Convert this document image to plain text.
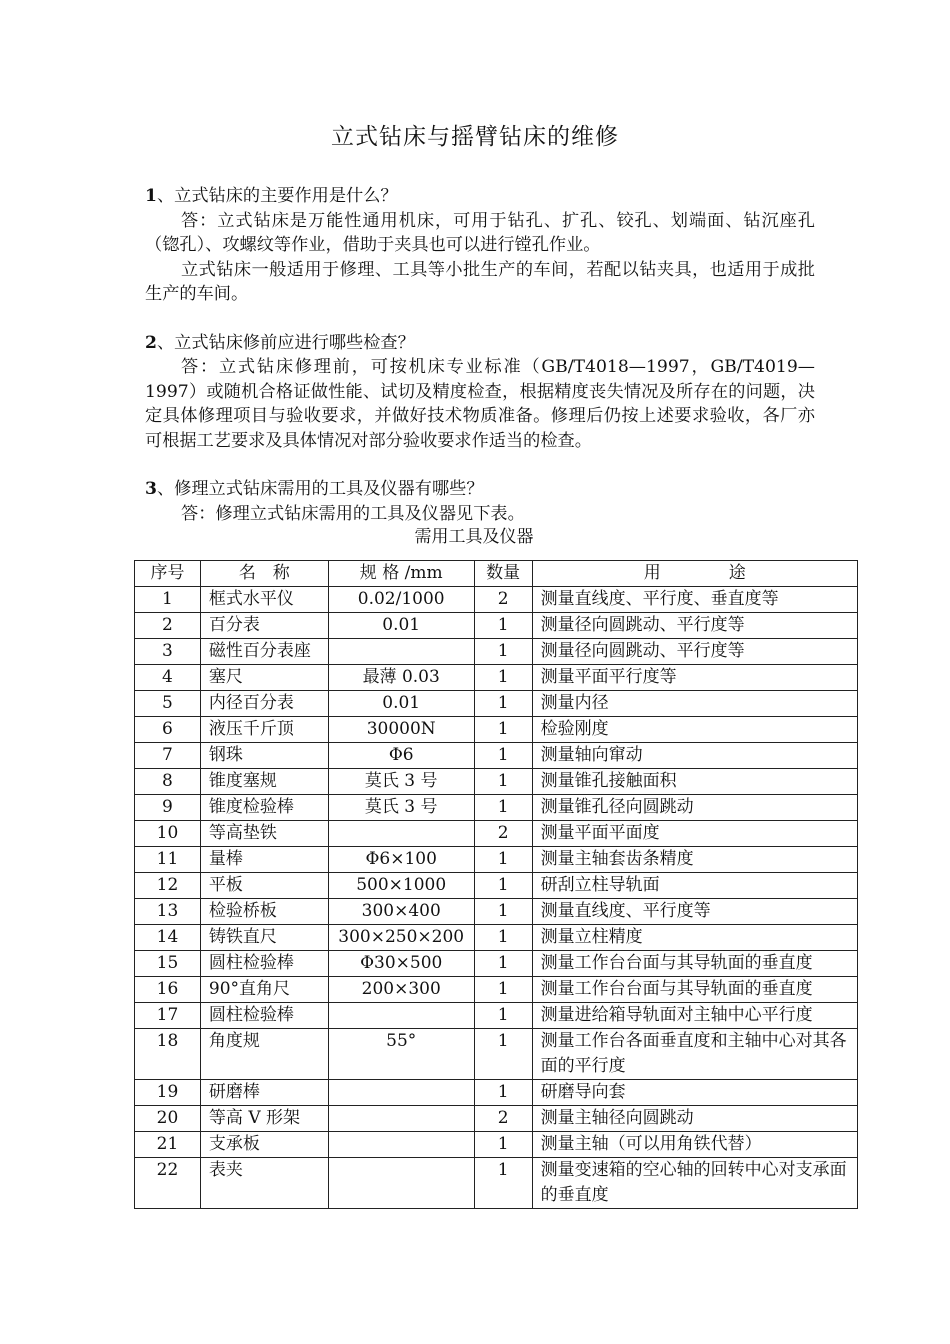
立式钻床与摇臂钻床的维修

1、立式钻床的主要作用是什么？

答：立式钻床是万能性通用机床，可用于钻孔、扩孔、铰孔、划端面、钻沉座孔（锪孔）、攻螺纹等作业，借助于夹具也可以进行镗孔作业。

立式钻床一般适用于修理、工具等小批生产的车间，若配以钻夹具，也适用于成批生产的车间。

2、立式钻床修前应进行哪些检查？

答：立式钻床修理前，可按机床专业标准（GB/T4018—1997，GB/T4019—1997）或随机合格证做性能、试切及精度检查，根据精度丧失情况及所存在的问题，决定具体修理项目与验收要求，并做好技术物质准备。修理后仍按上述要求验收，各厂亦可根据工艺要求及具体情况对部分验收要求作适当的检查。

3、修理立式钻床需用的工具及仪器有哪些？

答：修理立式钻床需用的工具及仪器见下表。

需用工具及仪器

序号	名　称	规 格 /mm	数量	用　　　　途
1	框式水平仪	0.02/1000	2	测量直线度、平行度、垂直度等
2	百分表	0.01	1	测量径向圆跳动、平行度等
3	磁性百分表座		1	测量径向圆跳动、平行度等
4	塞尺	最薄 0.03	1	测量平面平行度等
5	内径百分表	0.01	1	测量内径
6	液压千斤顶	30000N	1	检验刚度
7	钢珠	Φ6	1	测量轴向窜动
8	锥度塞规	莫氏 3 号	1	测量锥孔接触面积
9	锥度检验棒	莫氏 3 号	1	测量锥孔径向圆跳动
10	等高垫铁		2	测量平面平面度
11	量棒	Φ6×100	1	测量主轴套齿条精度
12	平板	500×1000	1	研刮立柱导轨面
13	检验桥板	300×400	1	测量直线度、平行度等
14	铸铁直尺	300×250×200	1	测量立柱精度
15	圆柱检验棒	Φ30×500	1	测量工作台台面与其导轨面的垂直度
16	90°直角尺	200×300	1	测量工作台台面与其导轨面的垂直度
17	圆柱检验棒		1	测量进给箱导轨面对主轴中心平行度
18	角度规	55°	1	测量工作台各面垂直度和主轴中心对其各面的平行度
19	研磨棒		1	研磨导向套
20	等高 V 形架		2	测量主轴径向圆跳动
21	支承板		1	测量主轴（可以用角铁代替）
22	表夹		1	测量变速箱的空心轴的回转中心对支承面的垂直度
